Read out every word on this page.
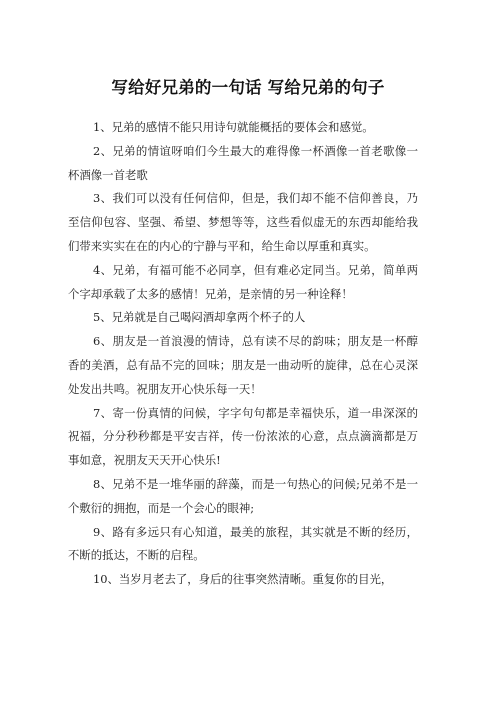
写给好兄弟的一句话 写给兄弟的句子

1、兄弟的感情不能只用诗句就能概括的要体会和感觉。

2、兄弟的情谊呀咱们今生最大的难得像一杯酒像一首老歌像一杯酒像一首老歌

3、我们可以没有任何信仰，但是，我们却不能不信仰善良，乃至信仰包容、坚强、希望、梦想等等，这些看似虚无的东西却能给我们带来实实在在的内心的宁静与平和，给生命以厚重和真实。

4、兄弟，有福可能不必同享，但有难必定同当。兄弟，简单两个字却承载了太多的感情！兄弟，是亲情的另一种诠释！

5、兄弟就是自己喝闷酒却拿两个杯子的人

6、朋友是一首浪漫的情诗，总有读不尽的韵味；朋友是一杯醇香的美酒，总有品不完的回味；朋友是一曲动听的旋律，总在心灵深处发出共鸣。祝朋友开心快乐每一天！

7、寄一份真情的问候，字字句句都是幸福快乐，道一串深深的祝福，分分秒秒都是平安吉祥，传一份浓浓的心意，点点滴滴都是万事如意，祝朋友天天开心快乐!

8、兄弟不是一堆华丽的辞藻，而是一句热心的问候;兄弟不是一个敷衍的拥抱，而是一个会心的眼神;

9、路有多远只有心知道，最美的旅程，其实就是不断的经历，不断的抵达，不断的启程。

10、当岁月老去了，身后的往事突然清晰。重复你的目光，
